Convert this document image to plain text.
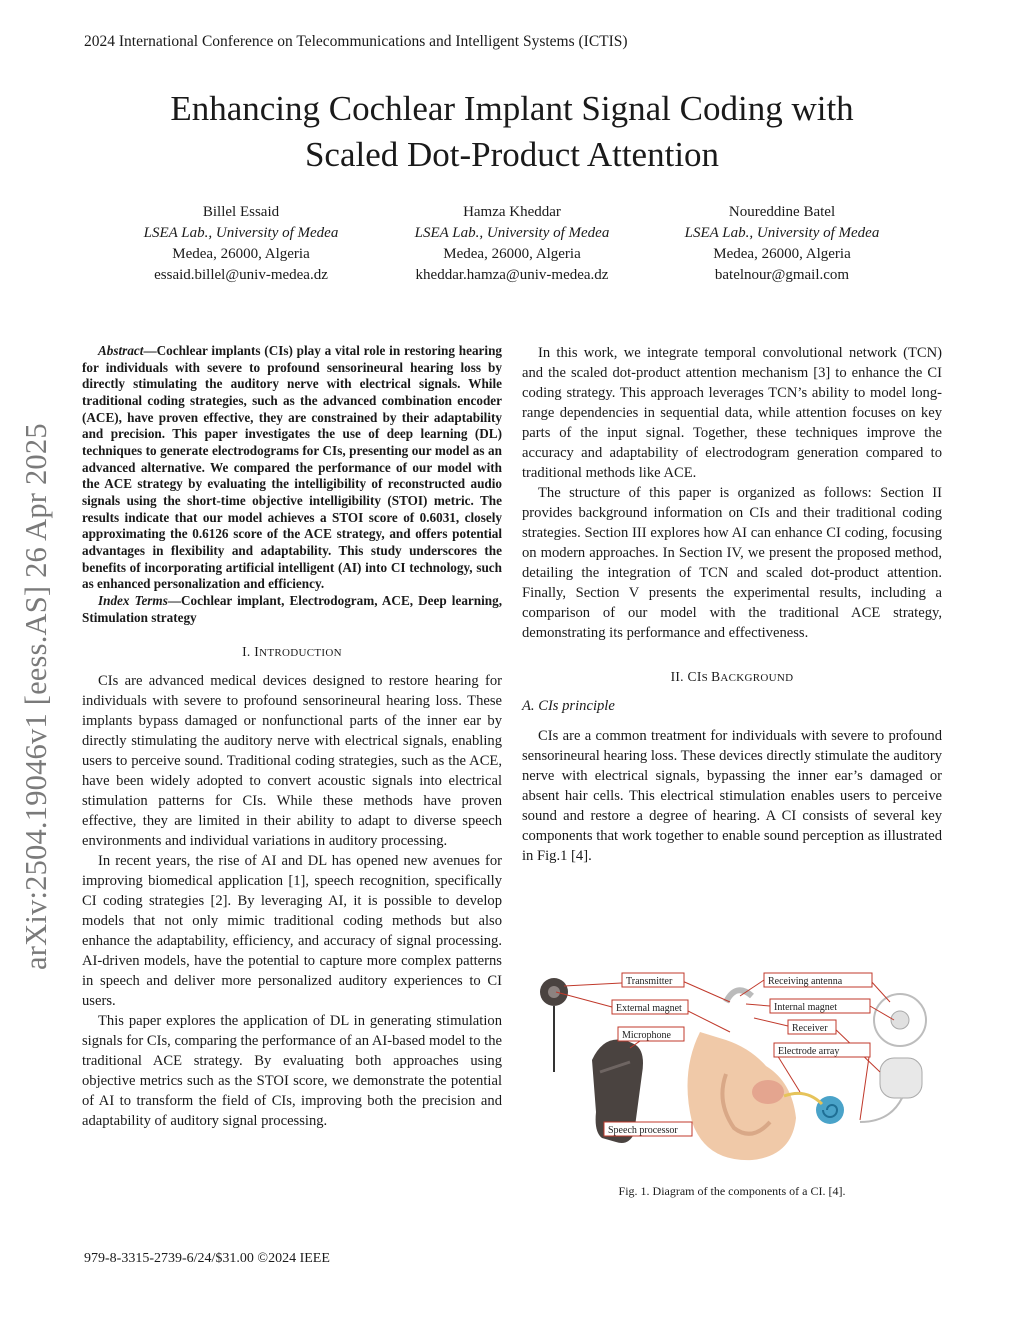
2024 International Conference on Telecommunications and Intelligent Systems (ICTIS)
Enhancing Cochlear Implant Signal Coding with
Scaled Dot-Product Attention
Billel Essaid
LSEA Lab., University of Medea
Medea, 26000, Algeria
essaid.billel@univ-medea.dz
Hamza Kheddar
LSEA Lab., University of Medea
Medea, 26000, Algeria
kheddar.hamza@univ-medea.dz
Noureddine Batel
LSEA Lab., University of Medea
Medea, 26000, Algeria
batelnour@gmail.com
arXiv:2504.19046v1 [eess.AS] 26 Apr 2025

Abstract—Cochlear implants (CIs) play a vital role in restoring hearing for individuals with severe to profound sensorineural hearing loss by directly stimulating the auditory nerve with electrical signals. While traditional coding strategies, such as the advanced combination encoder (ACE), have proven effective, they are constrained by their adaptability and precision. This paper investigates the use of deep learning (DL) techniques to generate electrodograms for CIs, presenting our model as an advanced alternative. We compared the performance of our model with the ACE strategy by evaluating the intelligibility of reconstructed audio signals using the short-time objective intelligibility (STOI) metric. The results indicate that our model achieves a STOI score of 0.6031, closely approximating the 0.6126 score of the ACE strategy, and offers potential advantages in flexibility and adaptability. This study underscores the benefits of incorporating artificial intelligent (AI) into CI technology, such as enhanced personalization and efficiency.

Index Terms—Cochlear implant, Electrodogram, ACE, Deep learning, Stimulation strategy

I. INTRODUCTION

CIs are advanced medical devices designed to restore hearing for individuals with severe to profound sensorineural hearing loss. These implants bypass damaged or nonfunctional parts of the inner ear by directly stimulating the auditory nerve with electrical signals, enabling users to perceive sound. Traditional coding strategies, such as the ACE, have been widely adopted to convert acoustic signals into electrical stimulation patterns for CIs. While these methods have proven effective, they are limited in their ability to adapt to diverse speech environments and individual variations in auditory processing.

In recent years, the rise of AI and DL has opened new avenues for improving biomedical application [1], speech recognition, specifically CI coding strategies [2]. By leveraging AI, it is possible to develop models that not only mimic traditional coding methods but also enhance the adaptability, efficiency, and accuracy of signal processing. AI-driven models, have the potential to capture more complex patterns in speech and deliver more personalized auditory experiences to CI users.

This paper explores the application of DL in generating stimulation signals for CIs, comparing the performance of an AI-based model to the traditional ACE strategy. By evaluating both approaches using objective metrics such as the STOI score, we demonstrate the potential of AI to transform the field of CIs, improving both the precision and adaptability of auditory signal processing.

In this work, we integrate temporal convolutional network (TCN) and the scaled dot-product attention mechanism [3] to enhance the CI coding strategy. This approach leverages TCN’s ability to model long-range dependencies in sequential data, while attention focuses on key parts of the input signal. Together, these techniques improve the accuracy and adaptability of electrodogram generation compared to traditional methods like ACE.

The structure of this paper is organized as follows: Section II provides background information on CIs and their traditional coding strategies. Section III explores how AI can enhance CI coding, focusing on modern approaches. In Section IV, we present the proposed method, detailing the integration of TCN and scaled dot-product attention. Finally, Section V presents the experimental results, including a comparison of our model with the traditional ACE strategy, demonstrating its performance and effectiveness.

II. CIS BACKGROUND
A. CIs principle

CIs are a common treatment for individuals with severe to profound sensorineural hearing loss. These devices directly stimulate the auditory nerve with electrical signals, bypassing the inner ear’s damaged or absent hair cells. This electrical stimulation enables users to perceive sound and restore a degree of hearing. A CI consists of several key components that work together to enable sound perception as illustrated in Fig.1 [4].

Transmitter
External magnet
Microphone
Speech processor
Receiving antenna
Internal magnet
Receiver
Electrode array
Fig. 1. Diagram of the components of a CI. [4].
979-8-3315-2739-6/24/$31.00 ©2024 IEEE
